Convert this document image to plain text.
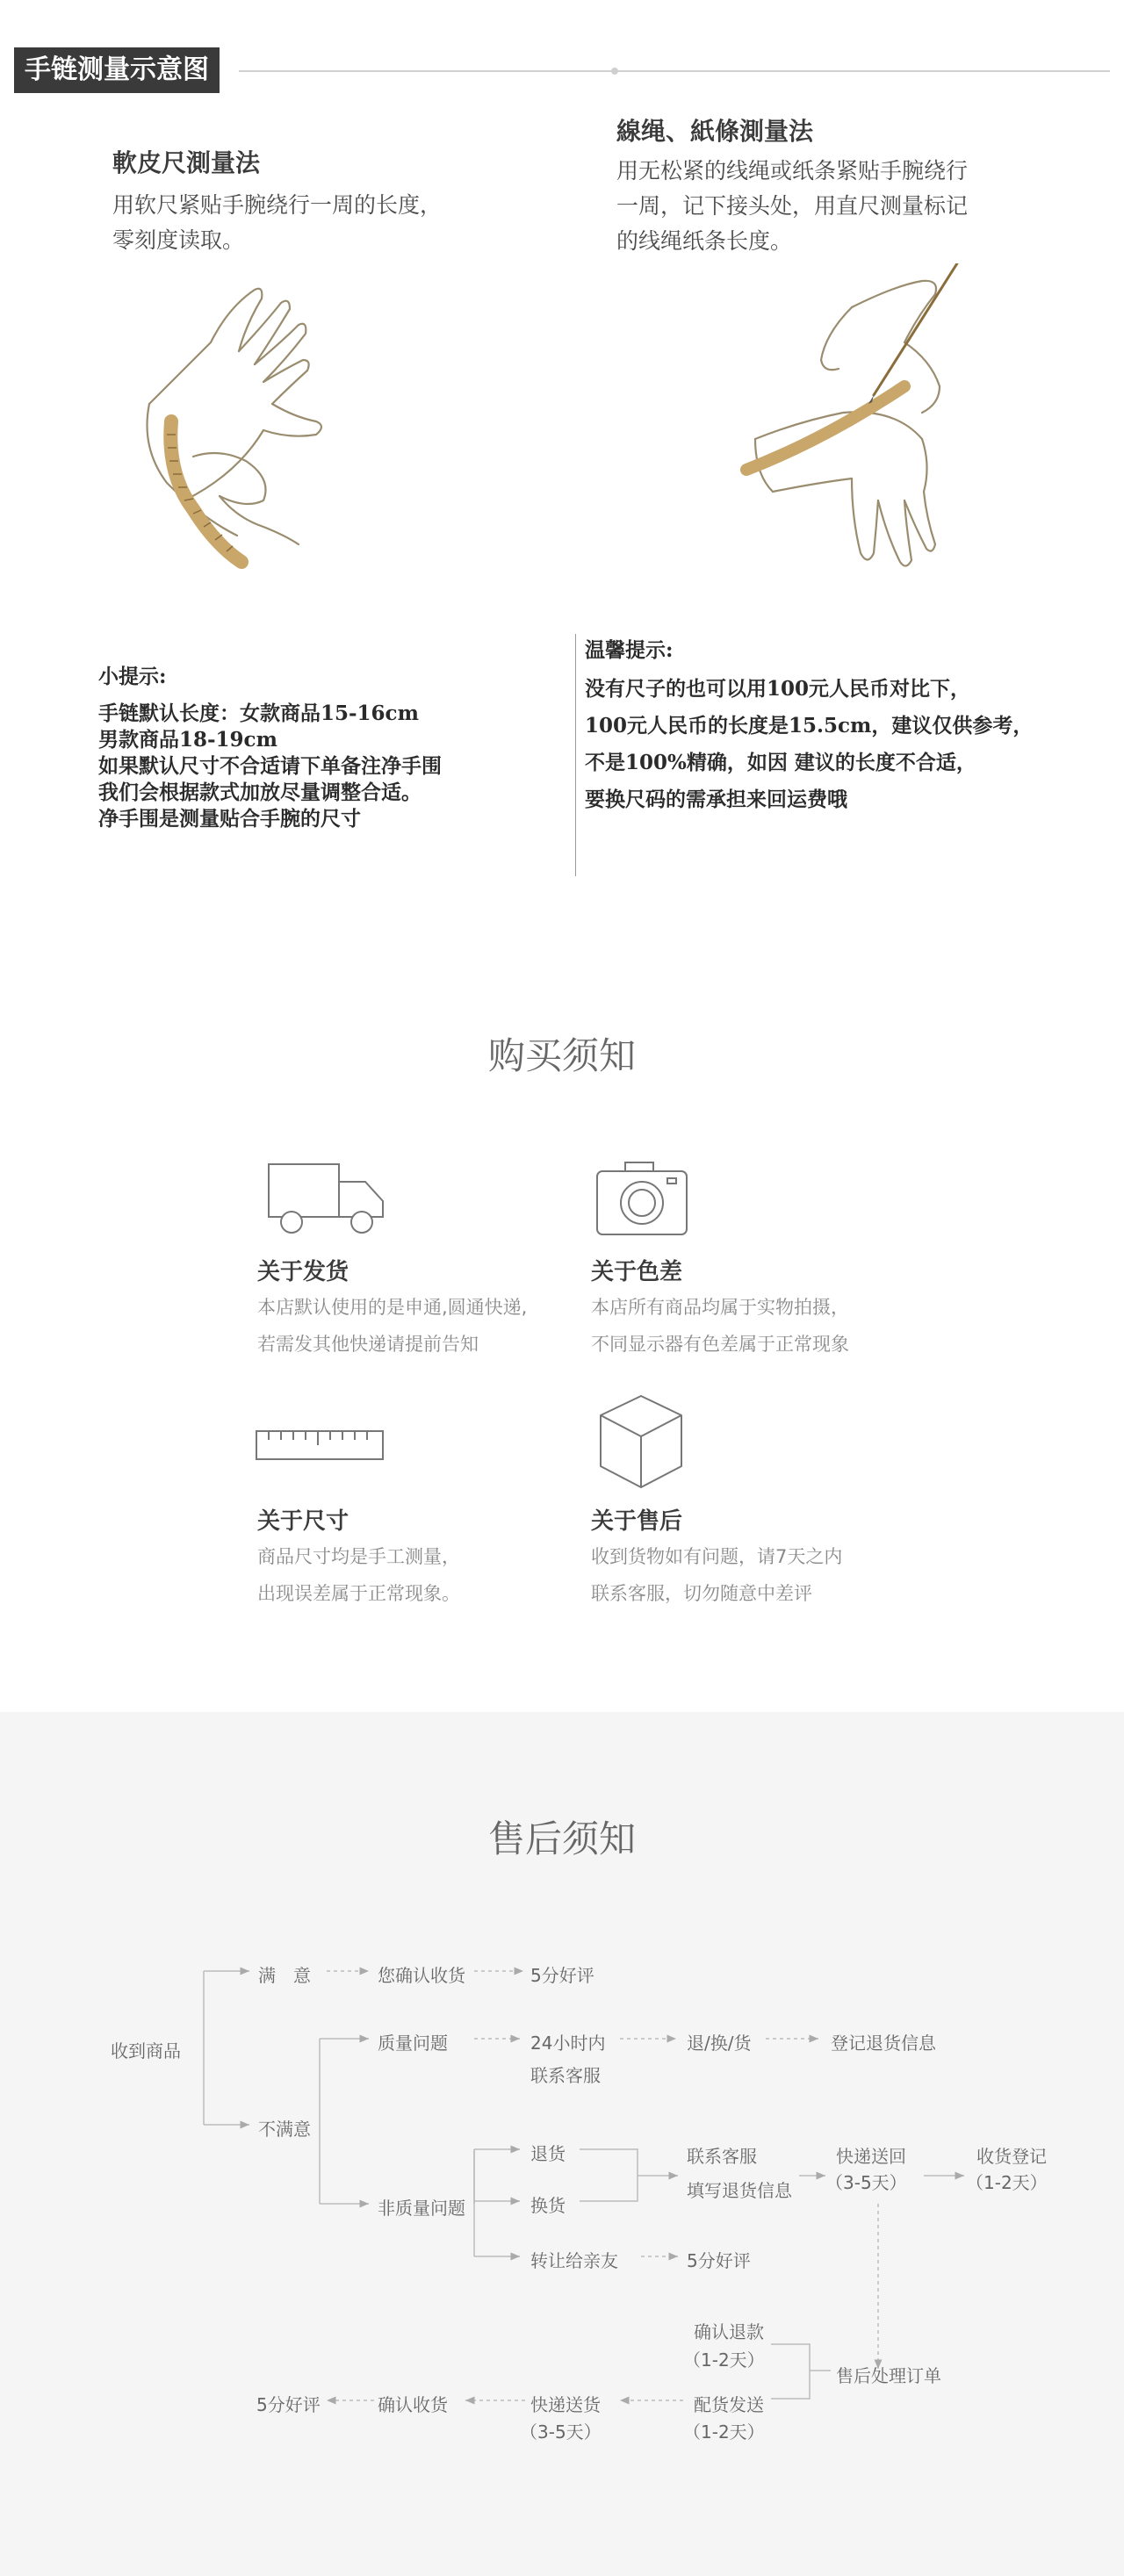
手链测量示意图
軟皮尺測量法
用软尺紧贴手腕绕行一周的长度，
零刻度读取。
線绳、紙條測量法
用无松紧的线绳或纸条紧贴手腕绕行
一周，记下接头处，用直尺测量标记
的线绳纸条长度。
小提示:
手链默认长度：女款商品15-16cm
男款商品18-19cm
如果默认尺寸不合适请下单备注净手围
我们会根据款式加放尽量调整合适。
净手围是测量贴合手腕的尺寸
温馨提示:
没有尺子的也可以用100元人民币对比下，
100元人民币的长度是15.5cm，建议仅供参考，
不是100%精确，如因 建议的长度不合适，
要换尺码的需承担来回运费哦
购买须知
关于发货
本店默认使用的是申通,圆通快递,
若需发其他快递请提前告知
关于色差
本店所有商品均属于实物拍摄，
不同显示器有色差属于正常现象
关于尺寸
商品尺寸均是手工测量，
出现误差属于正常现象。
关于售后
收到货物如有问题，请7天之内
联系客服，切勿随意中差评
售后须知
收到商品
满　意	您确认收货	5分好评
不满意
质量问题	24小时内
联系客服
退/换/货	登记退货信息
非质量问题
退货
换货
转让给亲友	5分好评
联系客服
填写退货信息
快递送回
（3-5天）
收货登记
（1-2天）
确认退款
（1-2天）
售后处理订单
配货发送
（1-2天）
快递送货
（3-5天）
确认收货
5分好评
